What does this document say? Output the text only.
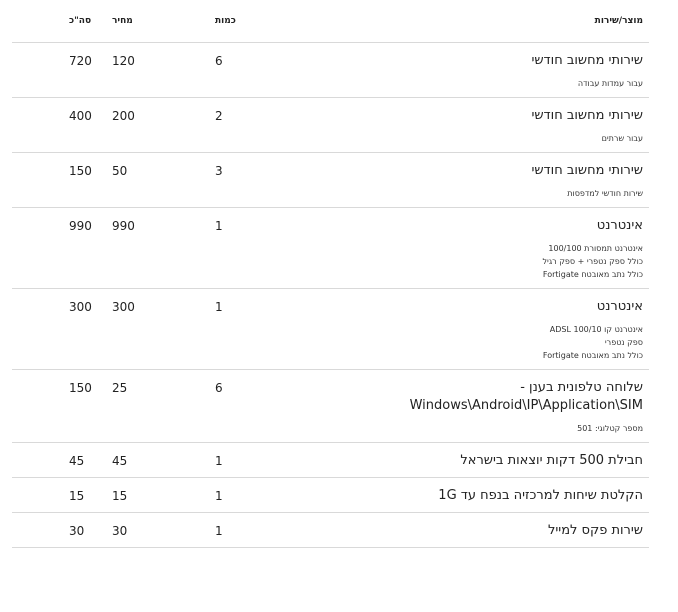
מוצר/שירות
כמות
מחיר
סה"כ
שירותי מחשוב חודשי
עבור עמדות עבודה
6
120
720
שירותי מחשוב חודשי
עבור שרתים
2
200
400
שירותי מחשוב חודשי
שירות חודשי למדפסות
3
50
150
אינטרנט
אינטרנט תמסורת 100/100
כולל ספק נטפרי + ספק רגיל
כולל נתב מאובטח Fortigate
1
990
990
אינטרנט
אינטרנט קו ADSL 100/10
ספק נטפרי
כולל נתב מאובטח Fortigate
1
300
300
שלוחה טלפונית בענן -
Windows\Android\IP\Application\SIM
מספר קטלוגי: 501
6
25
150
חבילת 500 דקות יוצאות בישראל
1
45
45
הקלטת שיחות למרכזיה בנפח עד 1G
1
15
15
שירות פקס למייל
1
30
30
